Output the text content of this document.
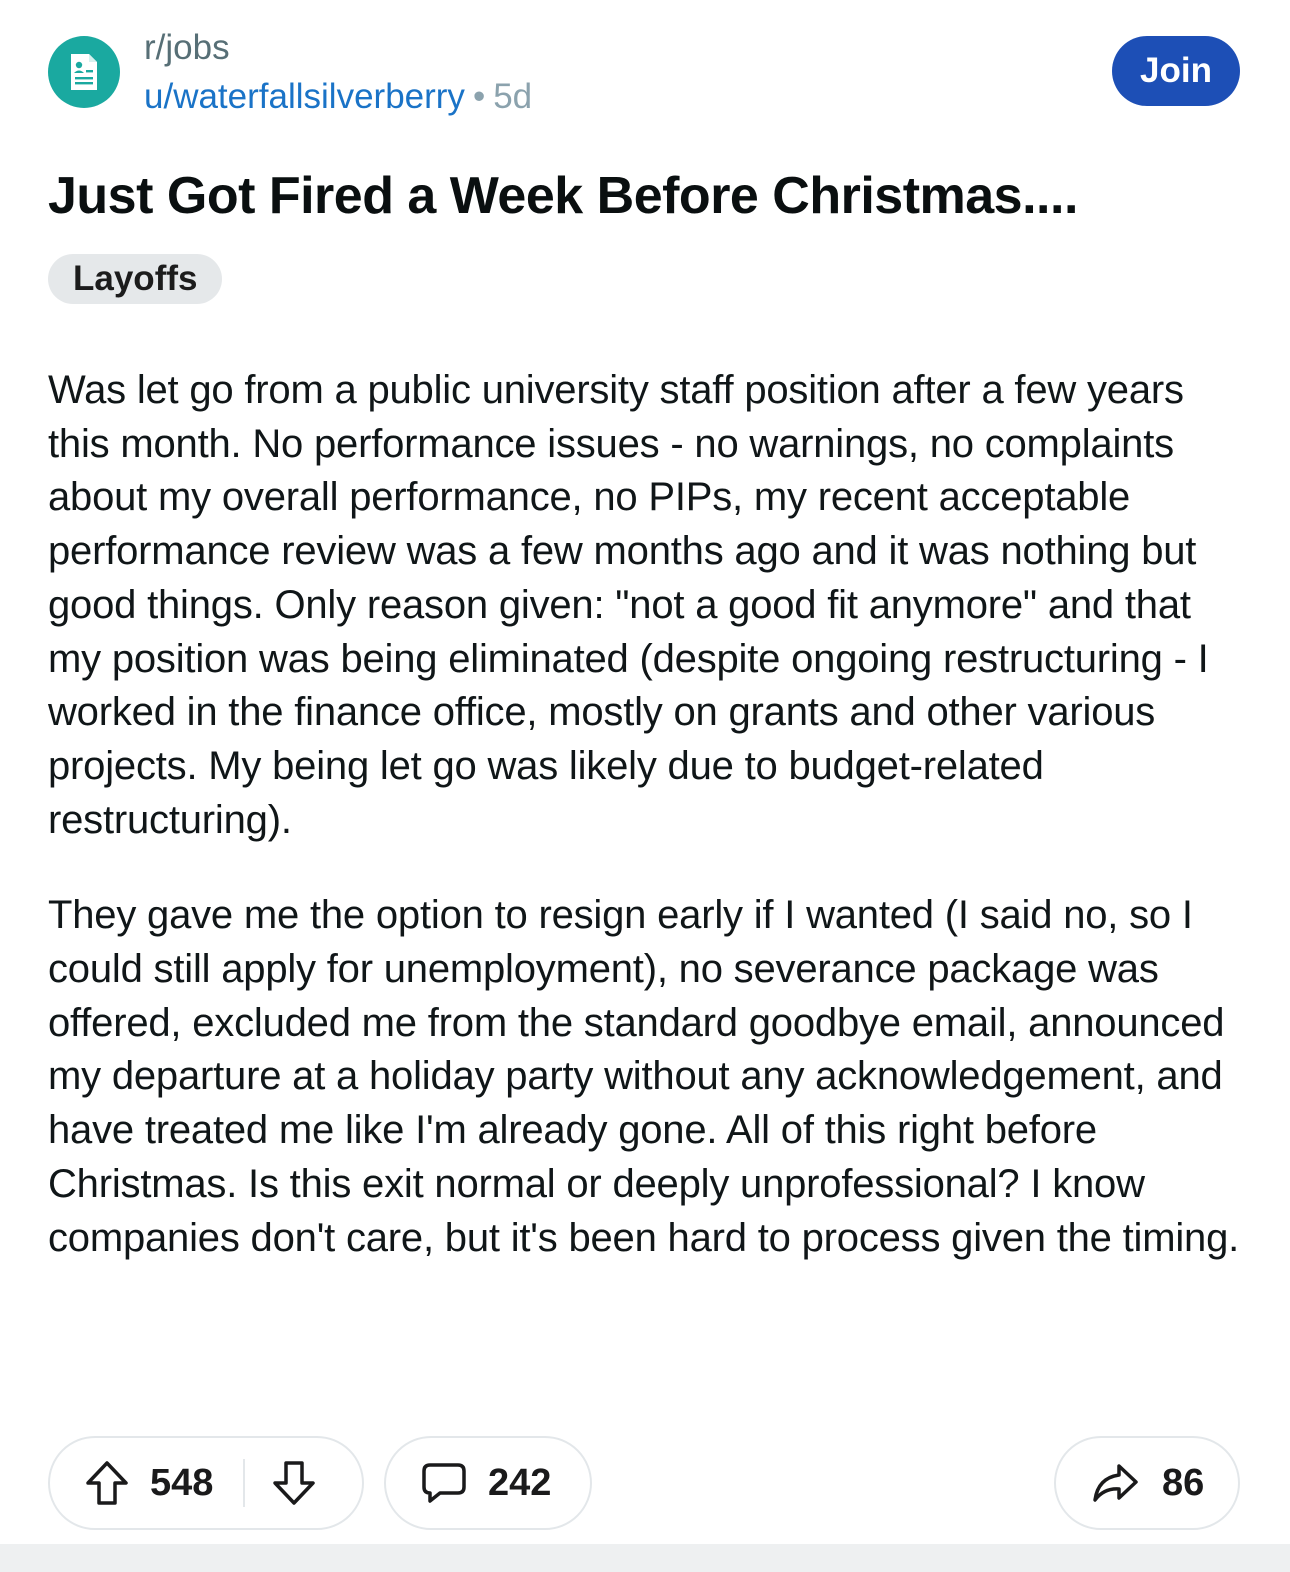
r/jobs
u/waterfallsilverberry • 5d
Join
Just Got Fired a Week Before Christmas....
Layoffs

Was let go from a public university staff position after a few years this month. No performance issues - no warnings, no complaints about my overall performance, no PIPs, my recent acceptable performance review was a few months ago and it was nothing but good things. Only reason given: "not a good fit anymore" and that my position was being eliminated (despite ongoing restructuring - I worked in the finance office, mostly on grants and other various projects. My being let go was likely due to budget-related restructuring).

They gave me the option to resign early if I wanted (I said no, so I could still apply for unemployment), no severance package was offered, excluded me from the standard goodbye email, announced my departure at a holiday party without any acknowledgement, and have treated me like I'm already gone. All of this right before Christmas. Is this exit normal or deeply unprofessional? I know companies don't care, but it's been hard to process given the timing.

548	242	86
